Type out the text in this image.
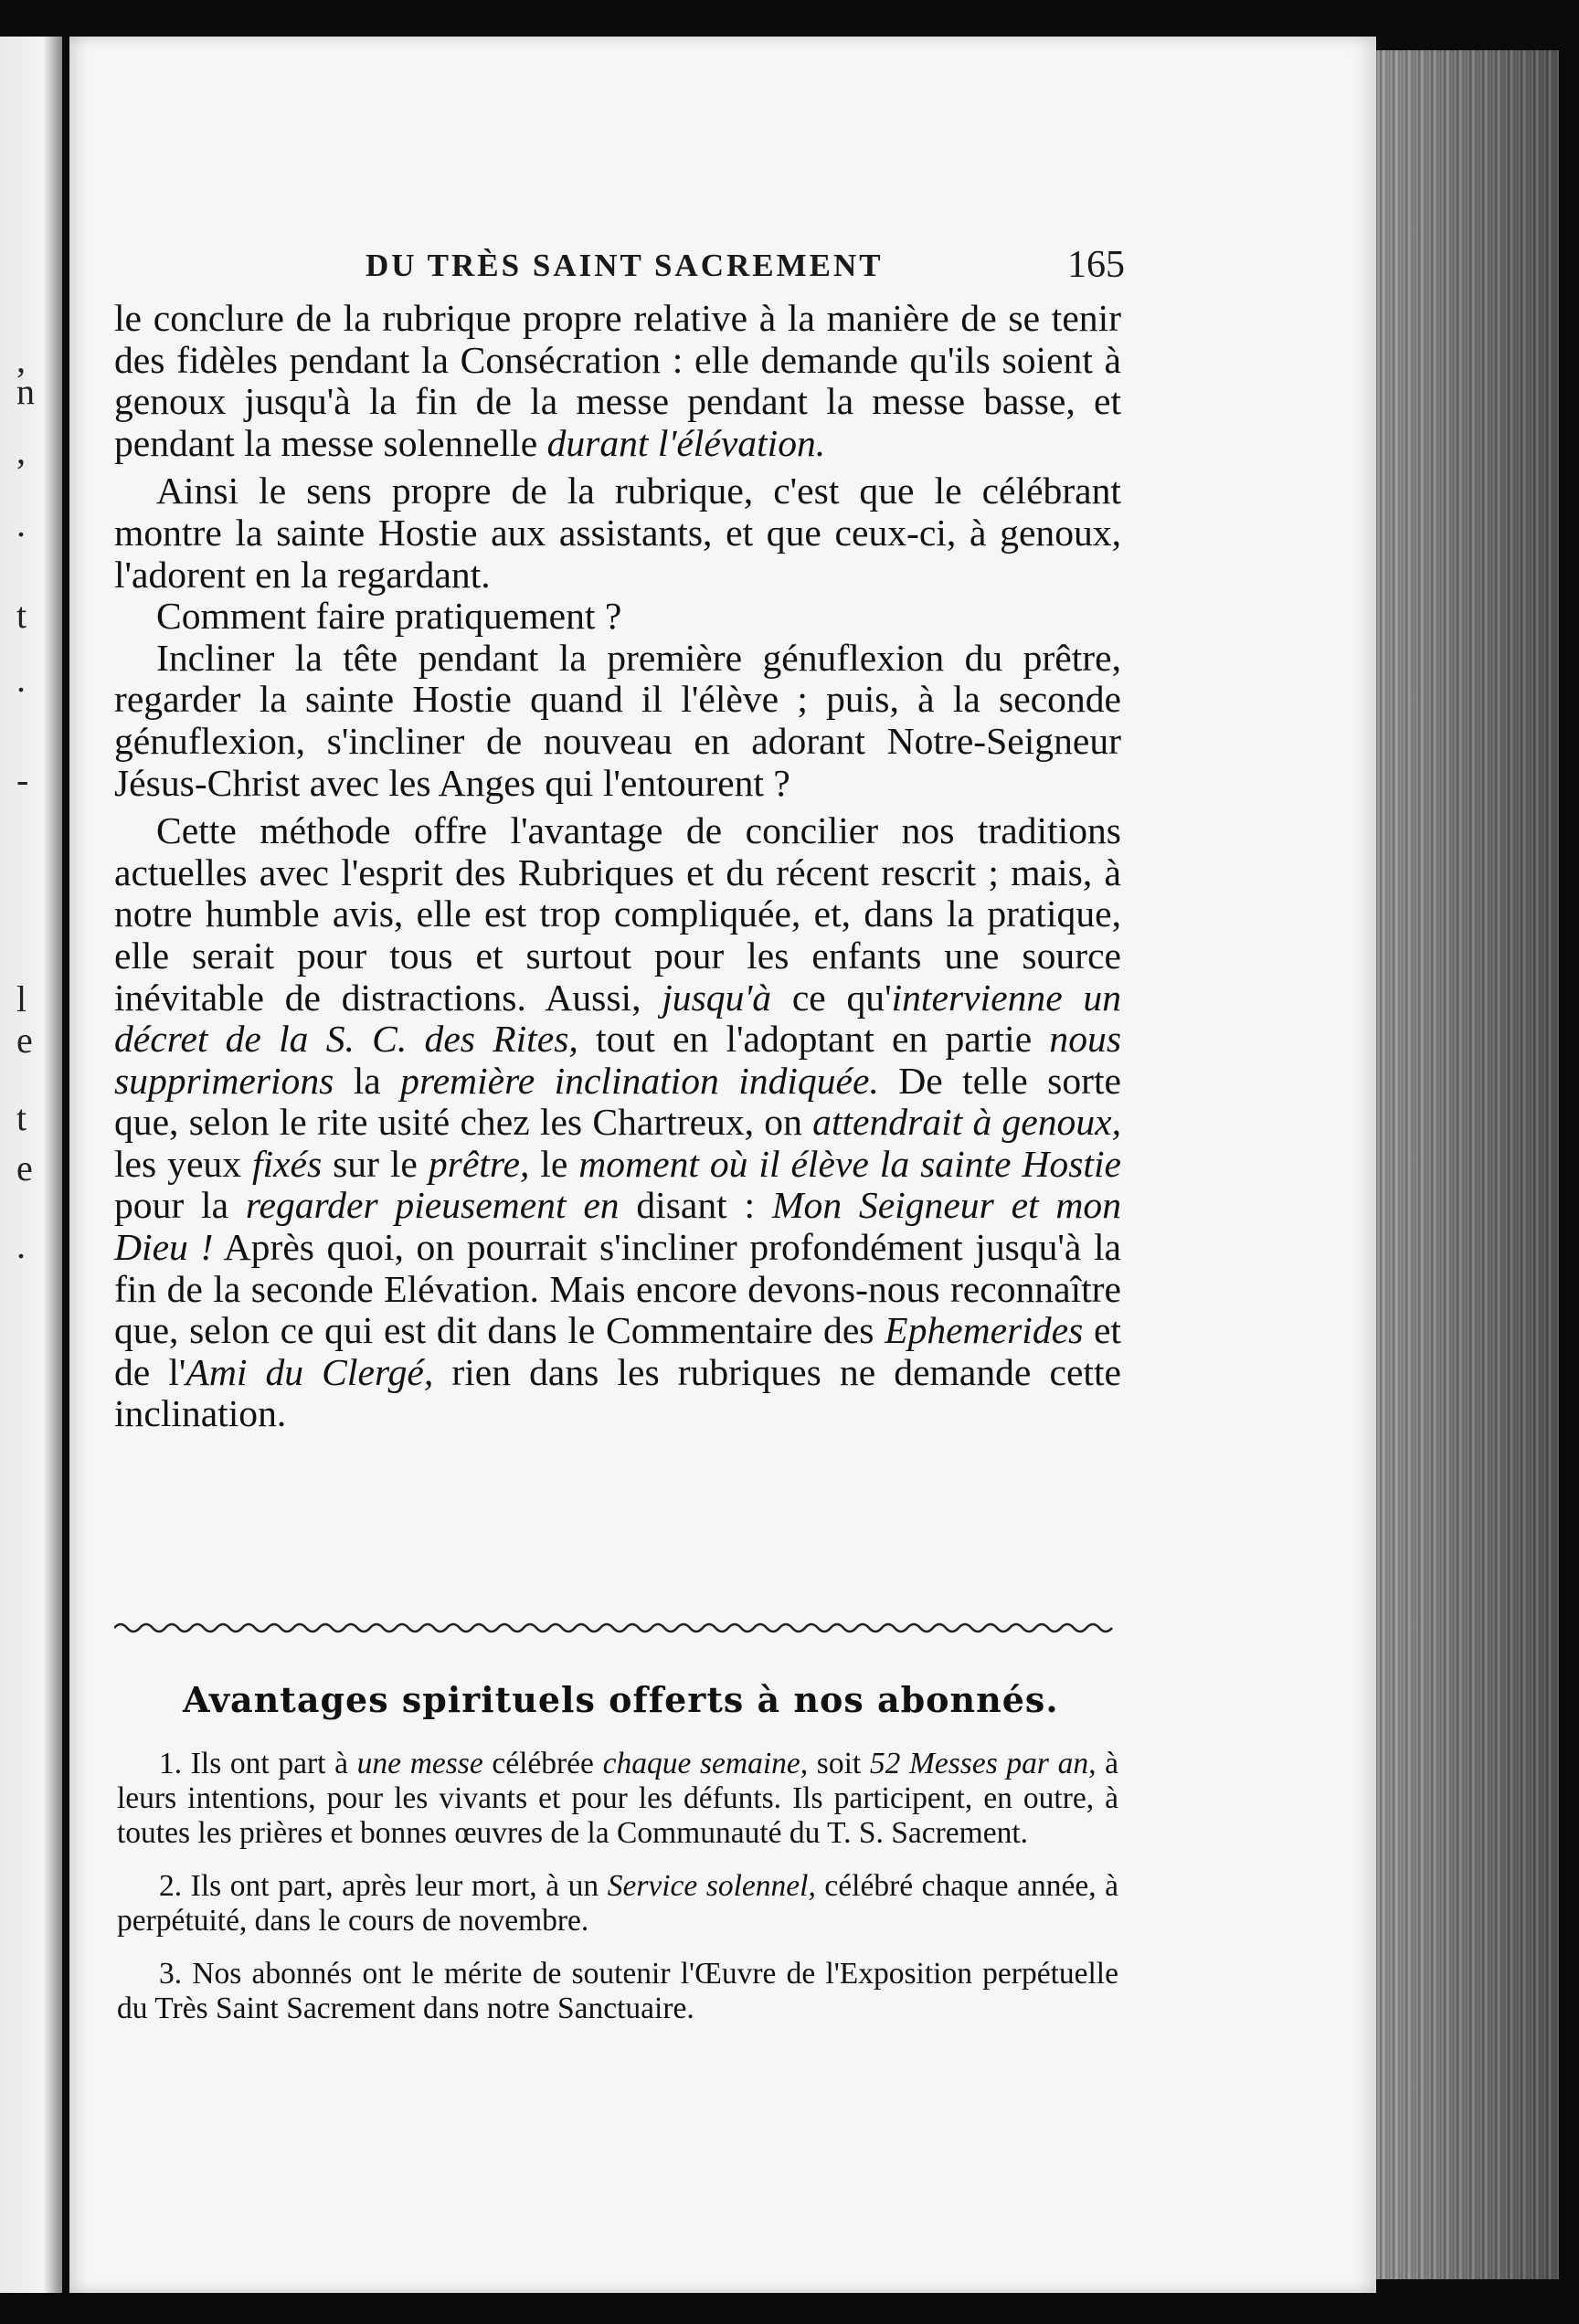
,
n
,
.
t
.
-
l
e
t
e
.
DU TRÈS SAINT SACREMENT	165

le conclure de la rubrique propre relative à la manière de se tenir des fidèles pendant la Consécration : elle demande qu'ils soient à genoux jusqu'à la fin de la messe pendant la messe basse, et pendant la messe solennelle durant l'élévation.

Ainsi le sens propre de la rubrique, c'est que le célébrant montre la sainte Hostie aux assistants, et que ceux-ci, à genoux, l'adorent en la regardant.

Comment faire pratiquement ?

Incliner la tête pendant la première génuflexion du prêtre, regarder la sainte Hostie quand il l'élève ; puis, à la seconde génuflexion, s'incliner de nouveau en adorant Notre-Seigneur Jésus-Christ avec les Anges qui l'entourent ?

Cette méthode offre l'avantage de concilier nos traditions actuelles avec l'esprit des Rubriques et du récent rescrit ; mais, à notre humble avis, elle est trop compliquée, et, dans la pratique, elle serait pour tous et surtout pour les enfants une source inévitable de distractions. Aussi, jusqu'à ce qu'intervienne un décret de la S. C. des Rites, tout en l'adoptant en partie nous supprimerions la première inclination indiquée. De telle sorte que, selon le rite usité chez les Chartreux, on attendrait à genoux, les yeux fixés sur le prêtre, le moment où il élève la sainte Hostie pour la regarder pieusement en disant : Mon Seigneur et mon Dieu ! Après quoi, on pourrait s'incliner profondément jusqu'à la fin de la seconde Elévation. Mais encore devons-nous reconnaître que, selon ce qui est dit dans le Commentaire des Ephemerides et de l'Ami du Clergé, rien dans les rubriques ne demande cette inclination.

Avantages spirituels offerts à nos abonnés.

1. Ils ont part à une messe célébrée chaque semaine, soit 52 Messes par an, à leurs intentions, pour les vivants et pour les défunts. Ils participent, en outre, à toutes les prières et bonnes œuvres de la Communauté du T. S. Sacrement.

2. Ils ont part, après leur mort, à un Service solennel, célébré chaque année, à perpétuité, dans le cours de novembre.

3. Nos abonnés ont le mérite de soutenir l'Œuvre de l'Exposition perpétuelle du Très Saint Sacrement dans notre Sanctuaire.
